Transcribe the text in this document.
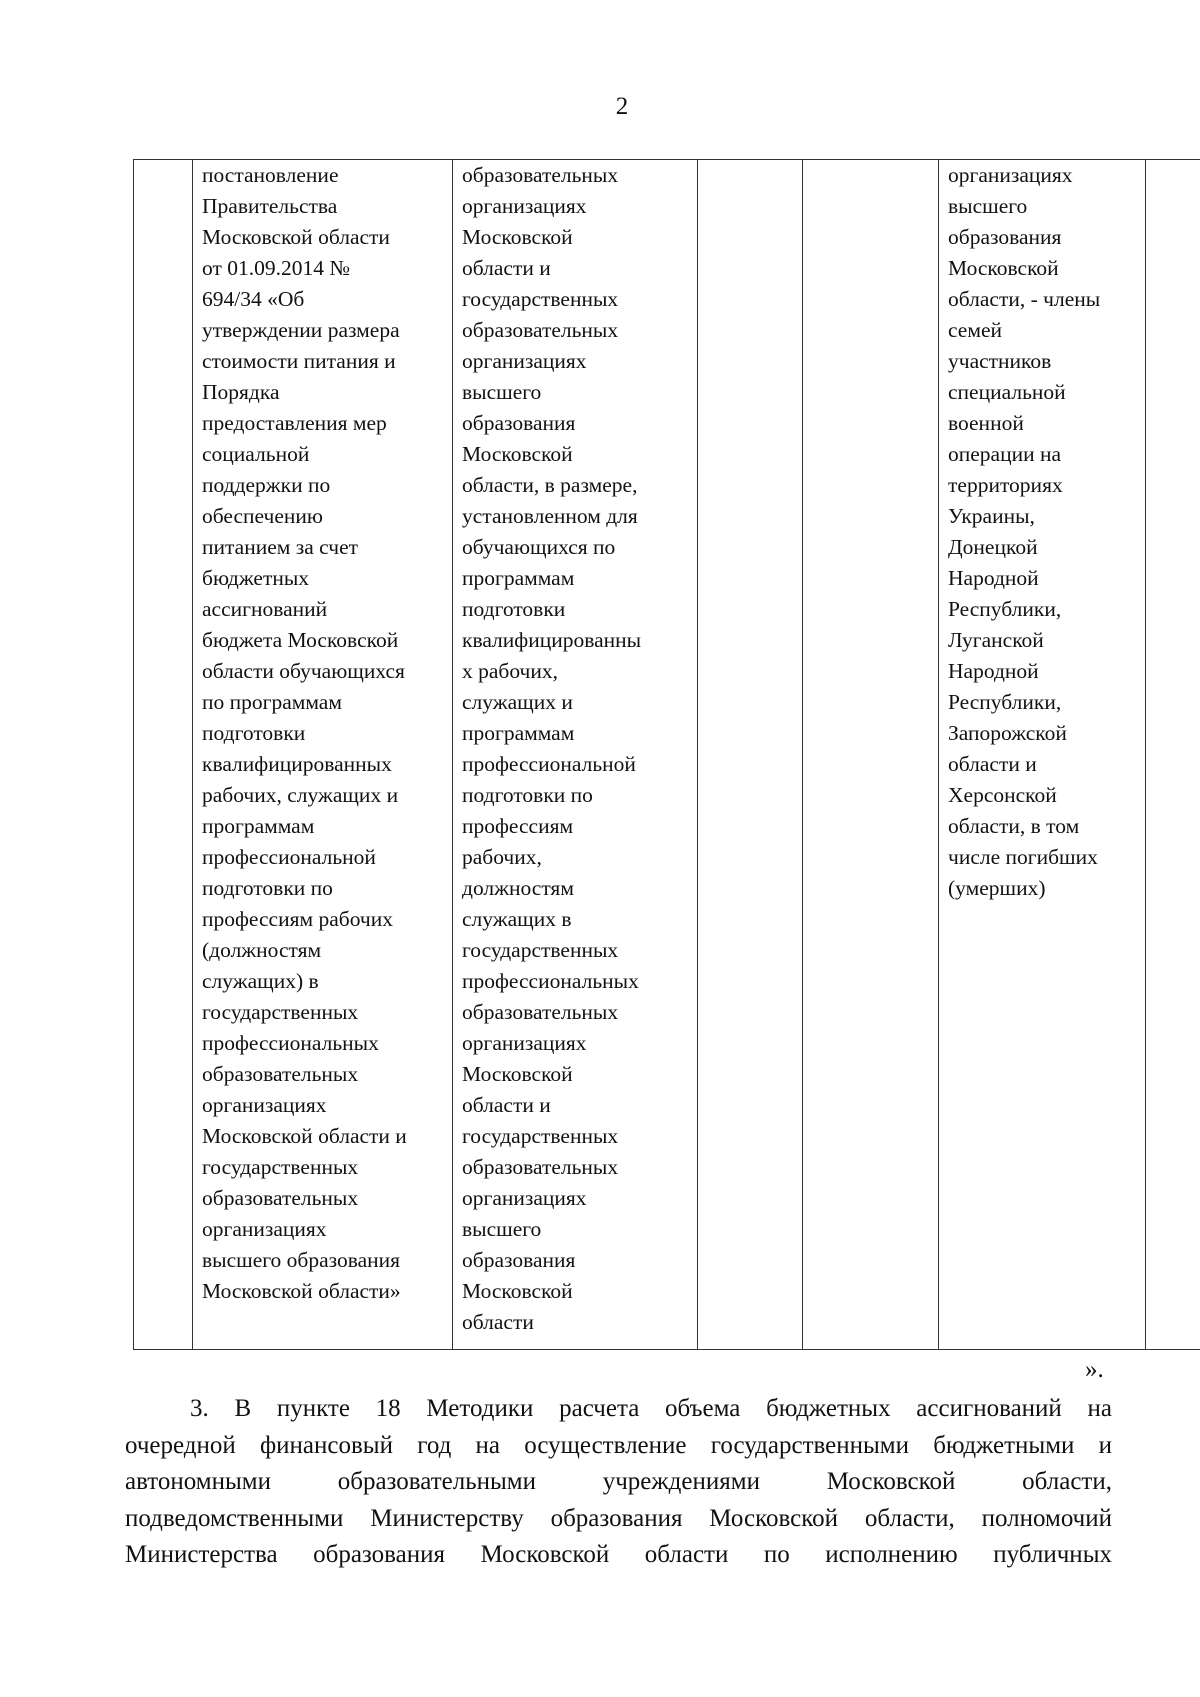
2
	постановление
Правительства
Московской области
от 01.09.2014 №
694/34 «Об
утверждении размера
стоимости питания и
Порядка
предоставления мер
социальной
поддержки по
обеспечению
питанием за счет
бюджетных
ассигнований
бюджета Московской
области обучающихся
по программам
подготовки
квалифицированных
рабочих, служащих и
программам
профессиональной
подготовки по
профессиям рабочих
(должностям
служащих) в
государственных
профессиональных
образовательных
организациях
Московской области и
государственных
образовательных
организациях
высшего образования
Московской области»	образовательных
организациях
Московской
области и
государственных
образовательных
организациях
высшего
образования
Московской
области, в размере,
установленном для
обучающихся по
программам
подготовки
квалифицированны
х рабочих,
служащих и
программам
профессиональной
подготовки по
профессиям
рабочих,
должностям
служащих в
государственных
профессиональных
образовательных
организациях
Московской
области и
государственных
образовательных
организациях
высшего
образования
Московской
области			организациях
высшего
образования
Московской
области, - члены
семей
участников
специальной
военной
операции на
территориях
Украины,
Донецкой
Народной
Республики,
Луганской
Народной
Республики,
Запорожской
области и
Херсонской
области, в том
числе погибших
(умерших)	
».
3. В пункте 18 Методики расчета объема бюджетных ассигнований на
очередной финансовый год на осуществление государственными бюджетными и
автономными образовательными учреждениями Московской области,
подведомственными Министерству образования Московской области, полномочий
Министерства образования Московской области по исполнению публичных
